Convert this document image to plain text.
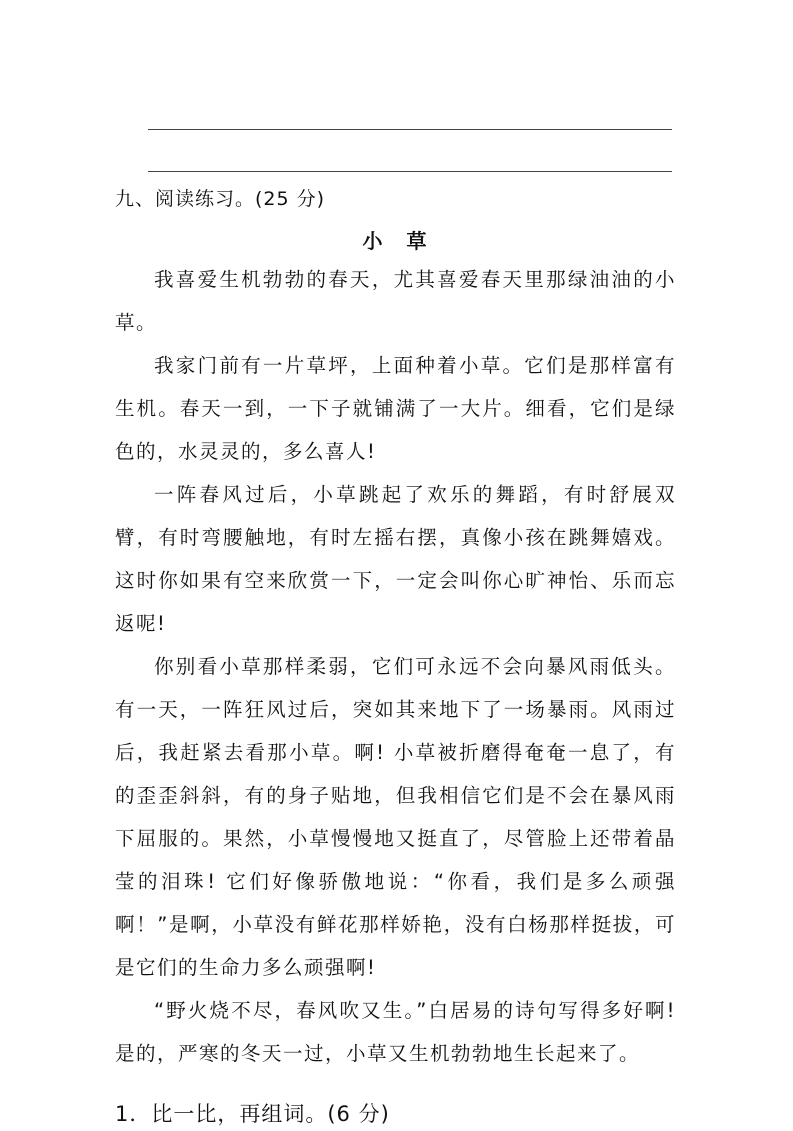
九、阅读练习。(25 分)
小　草

我喜爱生机勃勃的春天，尤其喜爱春天里那绿油油的小草。

我家门前有一片草坪，上面种着小草。它们是那样富有生机。春天一到，一下子就铺满了一大片。细看，它们是绿色的，水灵灵的，多么喜人!

一阵春风过后，小草跳起了欢乐的舞蹈，有时舒展双臂，有时弯腰触地，有时左摇右摆，真像小孩在跳舞嬉戏。这时你如果有空来欣赏一下，一定会叫你心旷神怡、乐而忘返呢!

你别看小草那样柔弱，它们可永远不会向暴风雨低头。有一天，一阵狂风过后，突如其来地下了一场暴雨。风雨过后，我赶紧去看那小草。啊! 小草被折磨得奄奄一息了，有的歪歪斜斜，有的身子贴地，但我相信它们是不会在暴风雨下屈服的。果然，小草慢慢地又挺直了，尽管脸上还带着晶莹的泪珠! 它们好像骄傲地说：“你看，我们是多么顽强啊！”是啊，小草没有鲜花那样娇艳，没有白杨那样挺拔，可是它们的生命力多么顽强啊!

“野火烧不尽，春风吹又生。”白居易的诗句写得多好啊! 是的，严寒的冬天一过，小草又生机勃勃地生长起来了。

1．比一比，再组词。(6 分)
